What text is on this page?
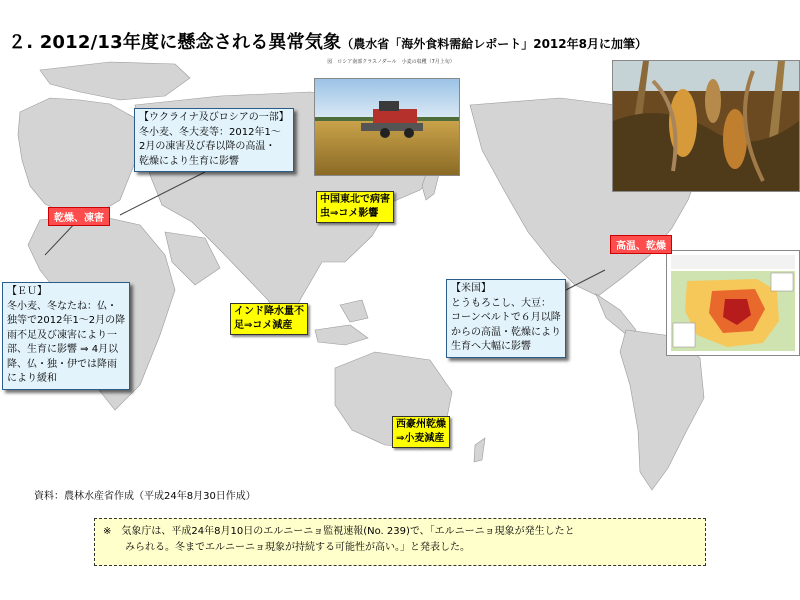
２. 2012/13年度に懸念される異常気象（農水省「海外食料需給レポート」2012年8月に加筆）
図　ロシア南部クラスノダール　小麦の収穫（7月上旬）
乾燥、凍害
高温、乾燥
中国東北で病害
虫⇒コメ影響
インド降水量不
足⇒コメ減産
西豪州乾燥
⇒小麦減産
【ウクライナ及びロシアの一部】
冬小麦、冬大麦等：2012年1～
2月の凍害及び春以降の高温・
乾燥により生育に影響
【ＥＵ】
冬小麦、冬なたね：仏・
独等で2012年1～2月の降
雨不足及び凍害により一
部、生育に影響 ⇒ 4月以
降、仏・独・伊では降雨
により緩和
【米国】
とうもろこし、大豆：
コーンベルトで６月以降
からの高温・乾燥により
生育へ大幅に影響
資料：農林水産省作成（平成24年8月30日作成）
※　 気象庁は、平成24年8月10日のエルニーニョ監視速報(No. 239)で、「エルニーニョ現象が発生したと
みられる。冬までエルニーニョ現象が持続する可能性が高い。」と発表した。
